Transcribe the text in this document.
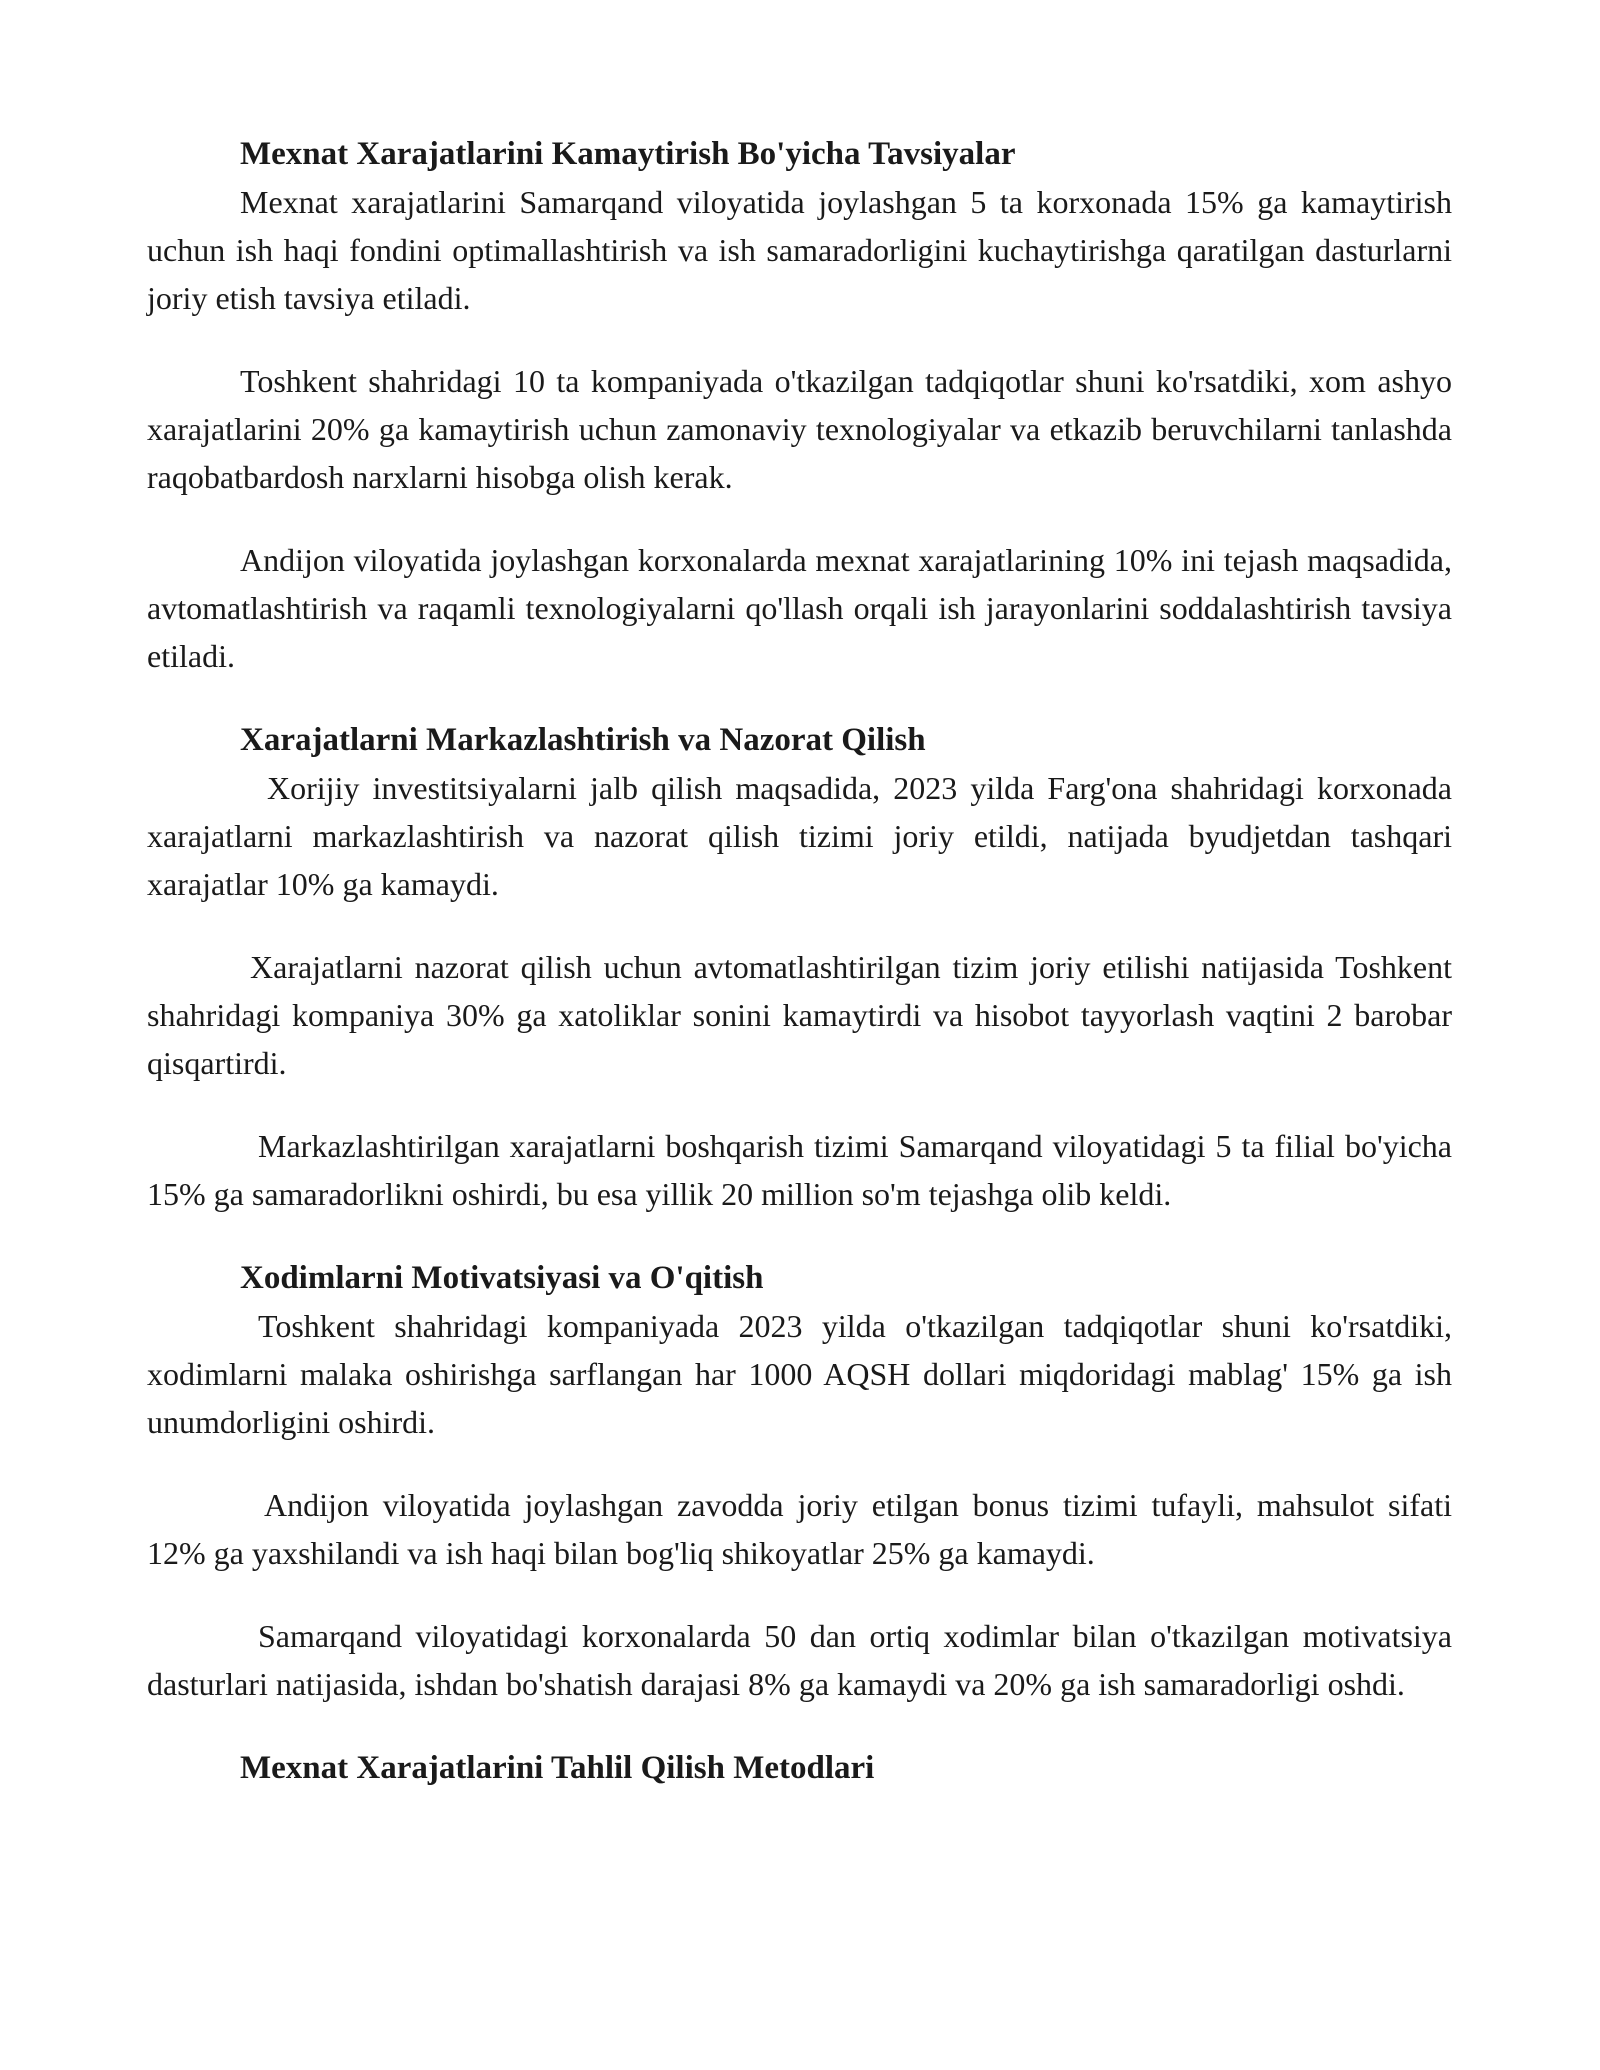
Mexnat Xarajatlarini Kamaytirish Bo'yicha Tavsiyalar

Mexnat xarajatlarini Samarqand viloyatida joylashgan 5 ta korxonada 15% ga kamaytirish uchun ish haqi fondini optimallashtirish va ish samaradorligini kuchaytirishga qaratilgan dasturlarni joriy etish tavsiya etiladi.

Toshkent shahridagi 10 ta kompaniyada o'tkazilgan tadqiqotlar shuni ko'rsatdiki, xom ashyo xarajatlarini 20% ga kamaytirish uchun zamonaviy texnologiyalar va etkazib beruvchilarni tanlashda raqobatbardosh narxlarni hisobga olish kerak.

Andijon viloyatida joylashgan korxonalarda mexnat xarajatlarining 10% ini tejash maqsadida, avtomatlashtirish va raqamli texnologiyalarni qo'llash orqali ish jarayonlarini soddalashtirish tavsiya etiladi.

Xarajatlarni Markazlashtirish va Nazorat Qilish

Xorijiy investitsiyalarni jalb qilish maqsadida, 2023 yilda Farg'ona shahridagi korxonada xarajatlarni markazlashtirish va nazorat qilish tizimi joriy etildi, natijada byudjetdan tashqari xarajatlar 10% ga kamaydi.

Xarajatlarni nazorat qilish uchun avtomatlashtirilgan tizim joriy etilishi natijasida Toshkent shahridagi kompaniya 30% ga xatoliklar sonini kamaytirdi va hisobot tayyorlash vaqtini 2 barobar qisqartirdi.

Markazlashtirilgan xarajatlarni boshqarish tizimi Samarqand viloyatidagi 5 ta filial bo'yicha 15% ga samaradorlikni oshirdi, bu esa yillik 20 million so'm tejashga olib keldi.

Xodimlarni Motivatsiyasi va O'qitish

Toshkent shahridagi kompaniyada 2023 yilda o'tkazilgan tadqiqotlar shuni ko'rsatdiki, xodimlarni malaka oshirishga sarflangan har 1000 AQSH dollari miqdoridagi mablag' 15% ga ish unumdorligini oshirdi.

Andijon viloyatida joylashgan zavodda joriy etilgan bonus tizimi tufayli, mahsulot sifati 12% ga yaxshilandi va ish haqi bilan bog'liq shikoyatlar 25% ga kamaydi.

Samarqand viloyatidagi korxonalarda 50 dan ortiq xodimlar bilan o'tkazilgan motivatsiya dasturlari natijasida, ishdan bo'shatish darajasi 8% ga kamaydi va 20% ga ish samaradorligi oshdi.

Mexnat Xarajatlarini Tahlil Qilish Metodlari
